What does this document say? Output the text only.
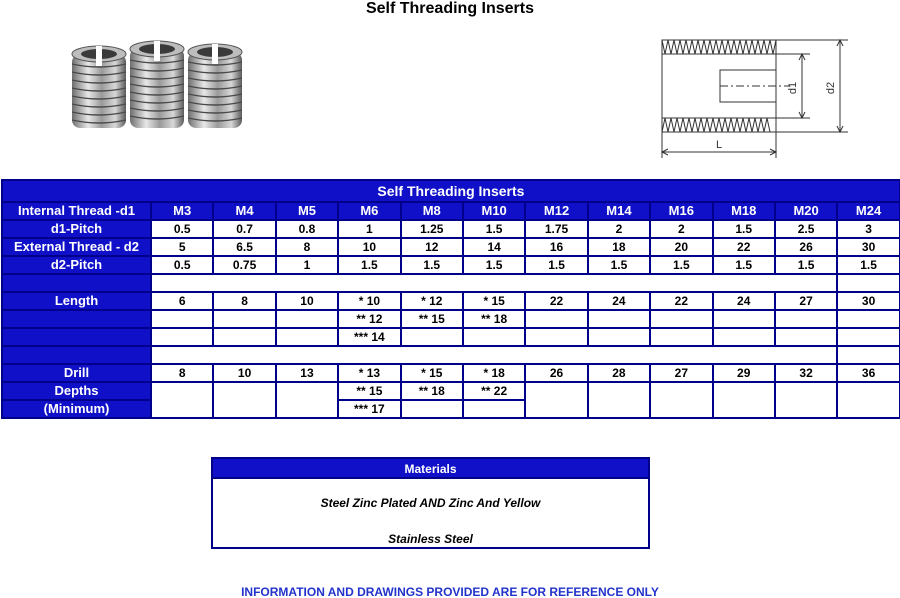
Self Threading Inserts
d1 d2
L
Self Threading Inserts												
Internal Thread -d1	M3	M4	M5	M6	M8	M10	M12	M14	M16	M18	M20	M24
d1-Pitch	0.5	0.7	0.8	1	1.25	1.5	1.75	2	2	1.5	2.5	3
External Thread - d2	5	6.5	8	10	12	14	16	18	20	22	26	30
d2-Pitch	0.5	0.75	1	1.5	1.5	1.5	1.5	1.5	1.5	1.5	1.5	1.5

Length	6	8	10	* 10	* 12	* 15	22	24	22	24	27	30
				** 12	** 15	** 18						
				*** 14								

Drill	8	10	13	* 13	* 15	* 18	26	28	27	29	32	36
Depths				** 15	** 18	** 22						
(Minimum)				*** 17								
Materials
Steel Zinc Plated AND Zinc And Yellow
Stainless Steel
INFORMATION AND DRAWINGS PROVIDED ARE FOR REFERENCE ONLY
